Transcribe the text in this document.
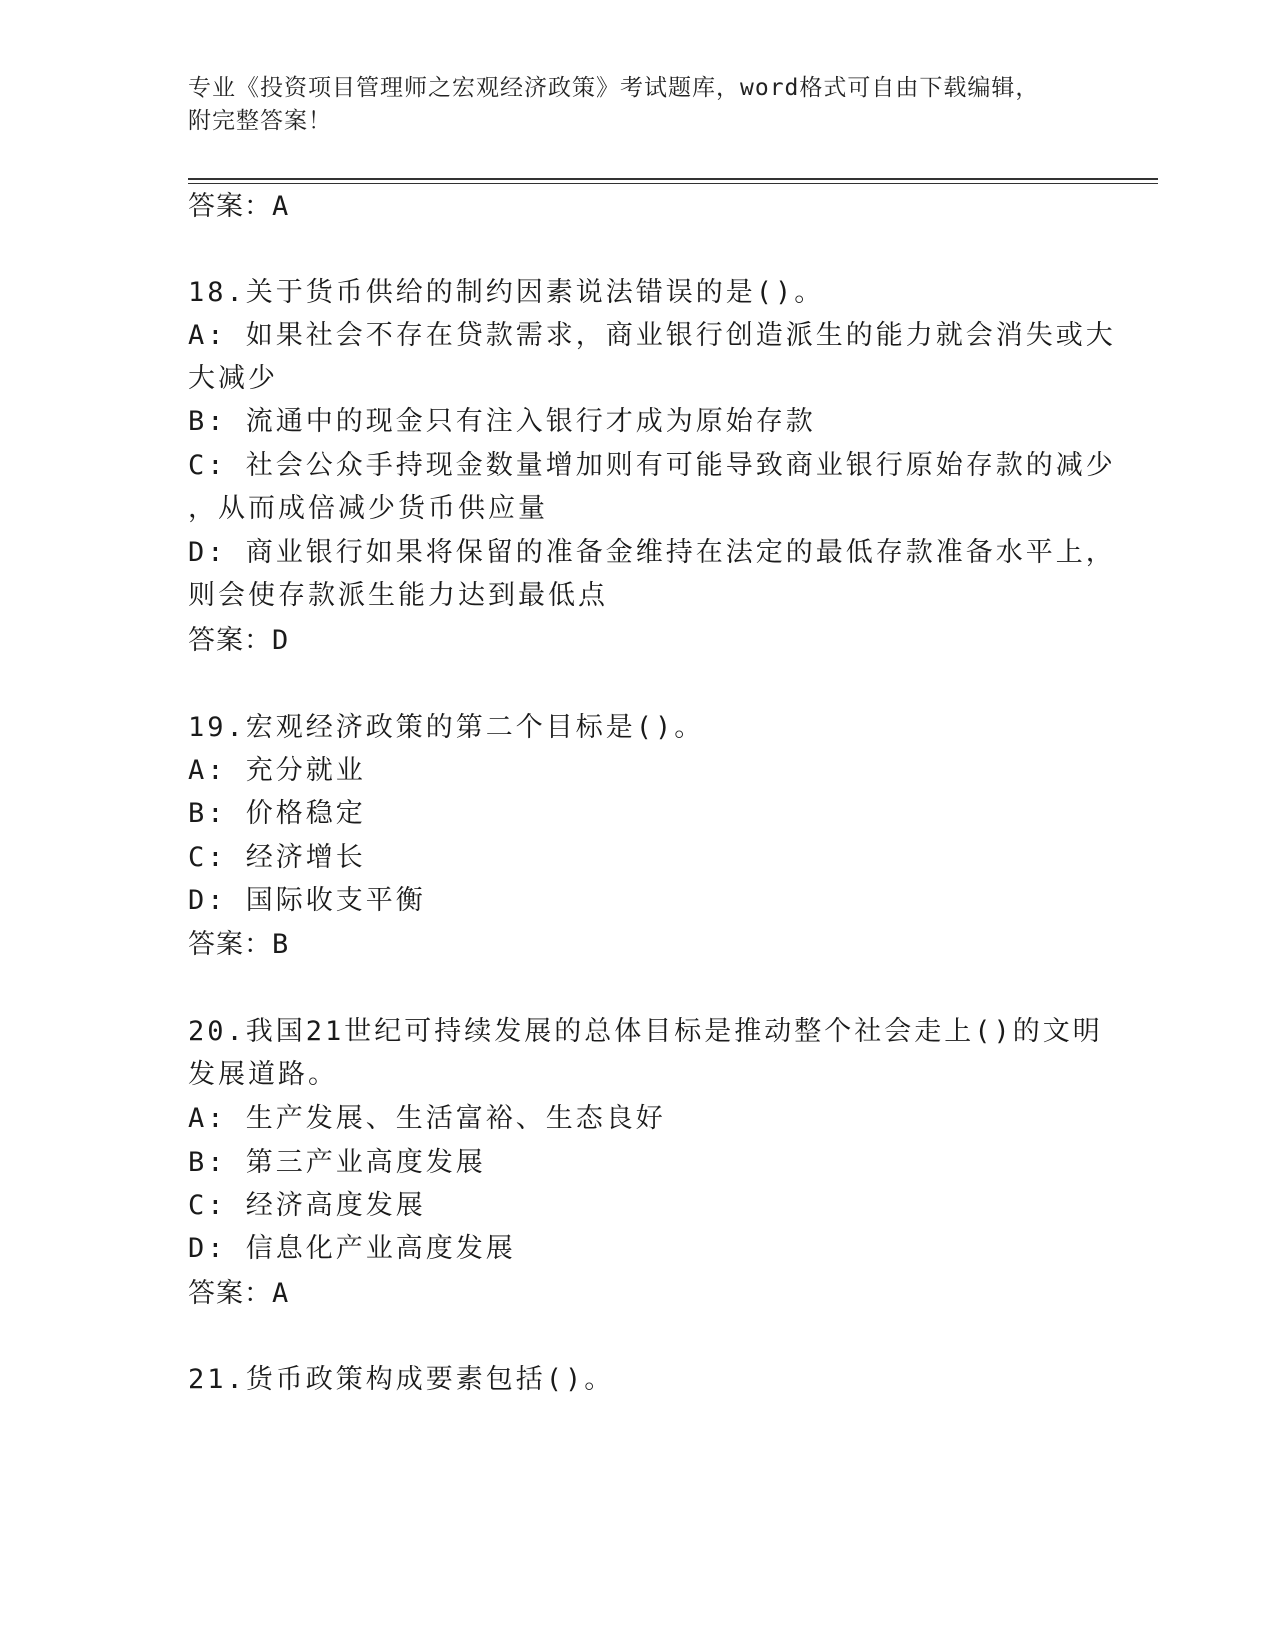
专业《投资项目管理师之宏观经济政策》考试题库，word格式可自由下载编辑，
附完整答案！
答案：A
18.关于货币供给的制约因素说法错误的是()。
A: 如果社会不存在贷款需求，商业银行创造派生的能力就会消失或大
大减少
B: 流通中的现金只有注入银行才成为原始存款
C: 社会公众手持现金数量增加则有可能导致商业银行原始存款的减少
，从而成倍减少货币供应量
D: 商业银行如果将保留的准备金维持在法定的最低存款准备水平上，
则会使存款派生能力达到最低点
答案：D
19.宏观经济政策的第二个目标是()。
A: 充分就业
B: 价格稳定
C: 经济增长
D: 国际收支平衡
答案：B
20.我国21世纪可持续发展的总体目标是推动整个社会走上()的文明
发展道路。
A: 生产发展、生活富裕、生态良好
B: 第三产业高度发展
C: 经济高度发展
D: 信息化产业高度发展
答案：A
21.货币政策构成要素包括()。
